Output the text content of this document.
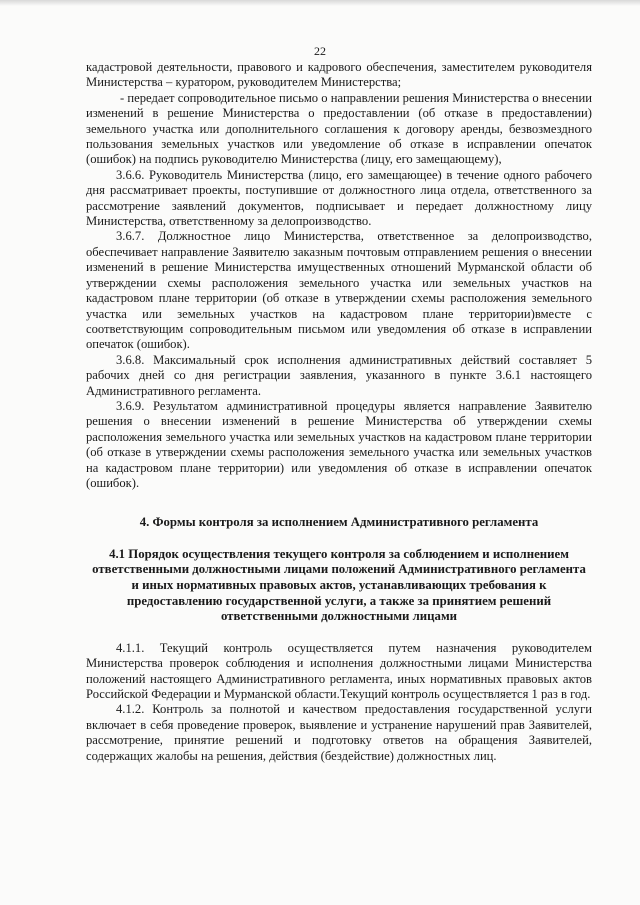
22

кадастровой деятельности, правового и кадрового обеспечения, заместителем руководителя Министерства – куратором, руководителем Министерства;

- передает сопроводительное письмо о направлении решения Министерства о внесении изменений в решение Министерства о предоставлении (об отказе в предоставлении) земельного участка или дополнительного соглашения к договору аренды, безвозмездного пользования земельных участков или уведомление об отказе в исправлении опечаток (ошибок) на подпись руководителю Министерства (лицу, его замещающему),

3.6.6. Руководитель Министерства (лицо, его замещающее) в течение одного рабочего дня рассматривает проекты, поступившие от должностного лица отдела, ответственного за рассмотрение заявлений документов, подписывает и передает должностному лицу Министерства, ответственному за делопроизводство.

3.6.7. Должностное лицо Министерства, ответственное за делопроизводство, обеспечивает направление Заявителю заказным почтовым отправлением решения о внесении изменений в решение Министерства имущественных отношений Мурманской области об утверждении схемы расположения земельного участка или земельных участков на кадастровом плане территории (об отказе в утверждении схемы расположения земельного участка или земельных участков на кадастровом плане территории)вместе с соответствующим сопроводительным письмом или уведомления об отказе в исправлении опечаток (ошибок).

3.6.8. Максимальный срок исполнения административных действий составляет 5 рабочих дней со дня регистрации заявления, указанного в пункте 3.6.1 настоящего Административного регламента.

3.6.9. Результатом административной процедуры является направление Заявителю решения о внесении изменений в решение Министерства об утверждении схемы расположения земельного участка или земельных участков на кадастровом плане территории (об отказе в утверждении схемы расположения земельного участка или земельных участков на кадастровом плане территории) или уведомления об отказе в исправлении опечаток (ошибок).

4. Формы контроля за исполнением Административного регламента

4.1 Порядок осуществления текущего контроля за соблюдением и исполнением ответственными должностными лицами положений Административного регламента и иных нормативных правовых актов, устанавливающих требования к предоставлению государственной услуги, а также за принятием решений ответственными должностными лицами

4.1.1. Текущий контроль осуществляется путем назначения руководителем Министерства проверок соблюдения и исполнения должностными лицами Министерства положений настоящего Административного регламента, иных нормативных правовых актов Российской Федерации и Мурманской области.Текущий контроль осуществляется 1 раз в год.

4.1.2. Контроль за полнотой и качеством предоставления государственной услуги включает в себя проведение проверок, выявление и устранение нарушений прав Заявителей, рассмотрение, принятие решений и подготовку ответов на обращения Заявителей, содержащих жалобы на решения, действия (бездействие) должностных лиц.
